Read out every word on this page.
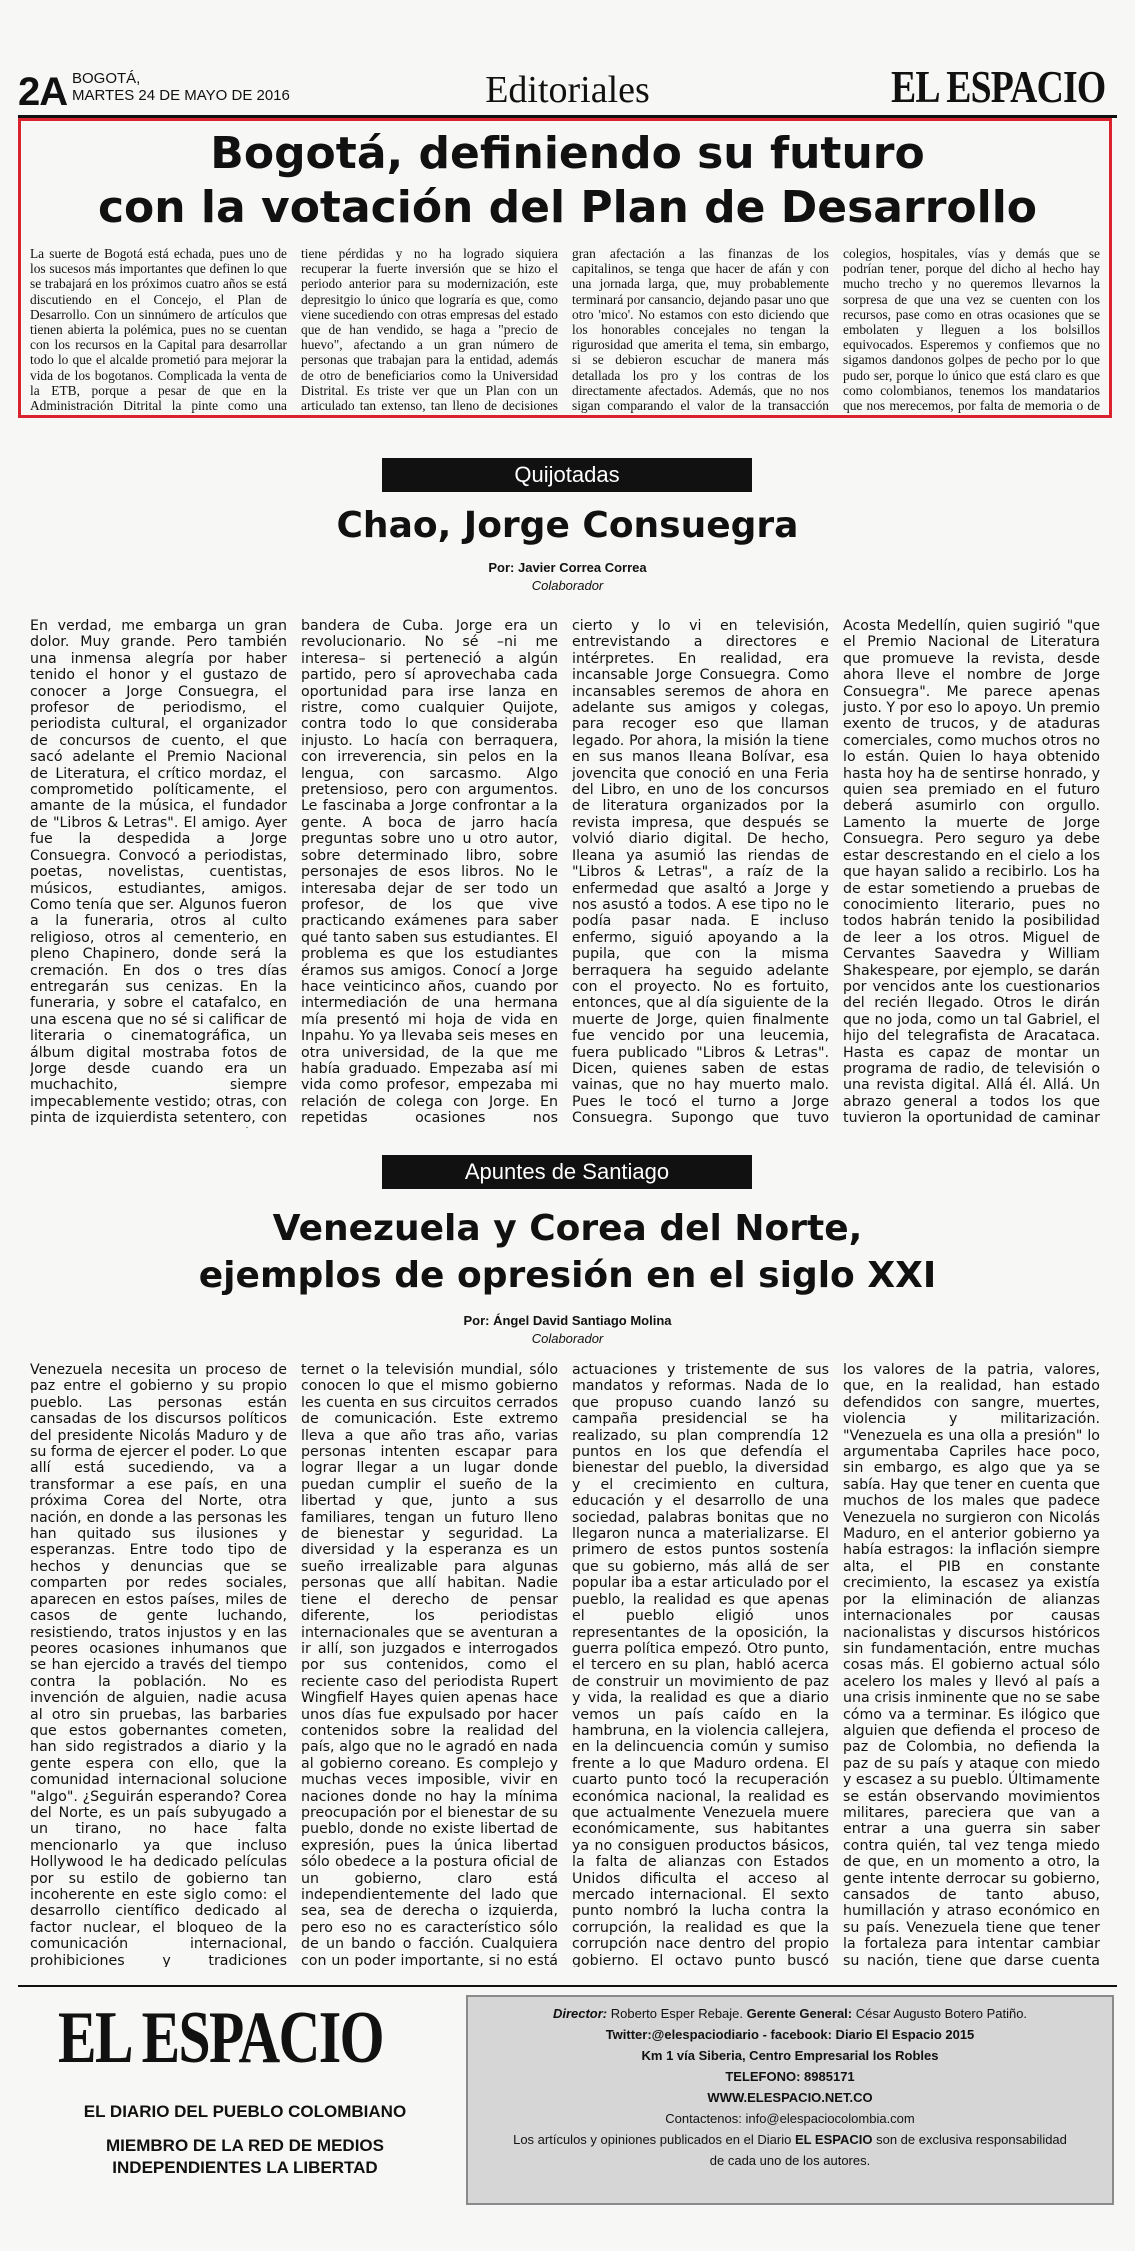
2A BOGOTÁ,
MARTES 24 DE MAYO DE 2016	Editoriales	EL ESPACIO
Bogotá, definiendo su futuro
con la votación del Plan de Desarrollo
La suerte de Bogotá está echada, pues uno de los sucesos más importantes que definen lo que se trabajará en los próximos cuatro años se está discutiendo en el Concejo, el Plan de Desarrollo. Con un sinnúmero de artículos que tienen abierta la polémica, pues no se cuentan con los recursos en la Capital para desarrollar todo lo que el alcalde prometió para mejorar la vida de los bogotanos. Complicada la venta de la ETB, porque a pesar de que en la Administración Ditrital la pinte como una
tiene pérdidas y no ha logrado siquiera recuperar la fuerte inversión que se hizo el periodo anterior para su modernización, este depresitgio lo único que lograría es que, como viene sucediendo con otras empresas del estado que de han vendido, se haga a "precio de huevo", afectando a un gran número de personas que trabajan para la entidad, además de otro de beneficiarios como la Universidad Distrital. Es triste ver que un Plan con un articulado tan extenso, tan lleno de decisiones
gran afectación a las finanzas de los capitalinos, se tenga que hacer de afán y con una jornada larga, que, muy probablemente terminará por cansancio, dejando pasar uno que otro 'mico'. No estamos con esto diciendo que los honorables concejales no tengan la rigurosidad que amerita el tema, sin embargo, si se debieron escuchar de manera más detallada los pro y los contras de los directamente afectados. Además, que no nos sigan comparando el valor de la transacción
colegios, hospitales, vías y demás que se podrían tener, porque del dicho al hecho hay mucho trecho y no queremos llevarnos la sorpresa de que una vez se cuenten con los recursos, pase como en otras ocasiones que se embolaten y lleguen a los bolsillos equivocados. Esperemos y confiemos que no sigamos dandonos golpes de pecho por lo que pudo ser, porque lo único que está claro es que como colombianos, tenemos los mandatarios que nos merecemos, por falta de memoria o de
Quijotadas
Chao, Jorge Consuegra
Por: Javier Correa Correa
Colaborador
En verdad, me embarga un gran dolor. Muy grande. Pero también una inmensa alegría por haber tenido el honor y el gustazo de conocer a Jorge Consuegra, el profesor de periodismo, el periodista cultural, el organizador de concursos de cuento, el que sacó adelante el Premio Nacional de Literatura, el crítico mordaz, el comprometido políticamente, el amante de la música, el fundador de "Libros & Letras". El amigo. Ayer fue la despedida a Jorge Consuegra. Convocó a periodistas, poetas, novelistas, cuentistas, músicos, estudiantes, amigos. Como tenía que ser. Algunos fueron a la funeraria, otros al culto religioso, otros al cementerio, en pleno Chapinero, donde será la cremación. En dos o tres días entregarán sus cenizas. En la funeraria, y sobre el catafalco, en una escena que no sé si calificar de literaria o cinematográfica, un álbum digital mostraba fotos de Jorge desde cuando era un muchachito, siempre impecablemente vestido; otras, con pinta de izquierdista setentero, con
bandera de Cuba. Jorge era un revolucionario. No sé –ni me interesa– si perteneció a algún partido, pero sí aprovechaba cada oportunidad para irse lanza en ristre, como cualquier Quijote, contra todo lo que consideraba injusto. Lo hacía con berraquera, con irreverencia, sin pelos en la lengua, con sarcasmo. Algo pretensioso, pero con argumentos. Le fascinaba a Jorge confrontar a la gente. A boca de jarro hacía preguntas sobre uno u otro autor, sobre determinado libro, sobre personajes de esos libros. No le interesaba dejar de ser todo un profesor, de los que vive practicando exámenes para saber qué tanto saben sus estudiantes. El problema es que los estudiantes éramos sus amigos. Conocí a Jorge hace veinticinco años, cuando por intermediación de una hermana mía presentó mi hoja de vida en Inpahu. Yo ya llevaba seis meses en otra universidad, de la que me había graduado. Empezaba así mi vida como profesor, empezaba mi relación de colega con Jorge. En repetidas ocasiones nos
cierto y lo vi en televisión, entrevistando a directores e intérpretes. En realidad, era incansable Jorge Consuegra. Como incansables seremos de ahora en adelante sus amigos y colegas, para recoger eso que llaman legado. Por ahora, la misión la tiene en sus manos Ileana Bolívar, esa jovencita que conoció en una Feria del Libro, en uno de los concursos de literatura organizados por la revista impresa, que después se volvió diario digital. De hecho, Ileana ya asumió las riendas de "Libros & Letras", a raíz de la enfermedad que asaltó a Jorge y nos asustó a todos. A ese tipo no le podía pasar nada. E incluso enfermo, siguió apoyando a la pupila, que con la misma berraquera ha seguido adelante con el proyecto. No es fortuito, entonces, que al día siguiente de la muerte de Jorge, quien finalmente fue vencido por una leucemia, fuera publicado "Libros & Letras". Dicen, quienes saben de estas vainas, que no hay muerto malo. Pues le tocó el turno a Jorge Consuegra. Supongo que tuvo
Acosta Medellín, quien sugirió "que el Premio Nacional de Literatura que promueve la revista, desde ahora lleve el nombre de Jorge Consuegra". Me parece apenas justo. Y por eso lo apoyo. Un premio exento de trucos, y de ataduras comerciales, como muchos otros no lo están. Quien lo haya obtenido hasta hoy ha de sentirse honrado, y quien sea premiado en el futuro deberá asumirlo con orgullo. Lamento la muerte de Jorge Consuegra. Pero seguro ya debe estar descrestando en el cielo a los que hayan salido a recibirlo. Los ha de estar sometiendo a pruebas de conocimiento literario, pues no todos habrán tenido la posibilidad de leer a los otros. Miguel de Cervantes Saavedra y William Shakespeare, por ejemplo, se darán por vencidos ante los cuestionarios del recién llegado. Otros le dirán que no joda, como un tal Gabriel, el hijo del telegrafista de Aracataca. Hasta es capaz de montar un programa de radio, de televisión o una revista digital. Allá él. Allá. Un abrazo general a todos los que tuvieron la oportunidad de caminar
Apuntes de Santiago
Venezuela y Corea del Norte,
ejemplos de opresión en el siglo XXI
Por: Ángel David Santiago Molina
Colaborador
Venezuela necesita un proceso de paz entre el gobierno y su propio pueblo. Las personas están cansadas de los discursos políticos del presidente Nicolás Maduro y de su forma de ejercer el poder. Lo que allí está sucediendo, va a transformar a ese país, en una próxima Corea del Norte, otra nación, en donde a las personas les han quitado sus ilusiones y esperanzas. Entre todo tipo de hechos y denuncias que se comparten por redes sociales, aparecen en estos países, miles de casos de gente luchando, resistiendo, tratos injustos y en las peores ocasiones inhumanos que se han ejercido a través del tiempo contra la población. No es invención de alguien, nadie acusa al otro sin pruebas, las barbaries que estos gobernantes cometen, han sido registrados a diario y la gente espera con ello, que la comunidad internacional solucione "algo". ¿Seguirán esperando? Corea del Norte, es un país subyugado a un tirano, no hace falta mencionarlo ya que incluso Hollywood le ha dedicado películas por su estilo de gobierno tan incoherente en este siglo como: el desarrollo científico dedicado al factor nuclear, el bloqueo de la comunicación internacional, prohibiciones y tradiciones
ternet o la televisión mundial, sólo conocen lo que el mismo gobierno les cuenta en sus circuitos cerrados de comunicación. Este extremo lleva a que año tras año, varias personas intenten escapar para lograr llegar a un lugar donde puedan cumplir el sueño de la libertad y que, junto a sus familiares, tengan un futuro lleno de bienestar y seguridad. La diversidad y la esperanza es un sueño irrealizable para algunas personas que allí habitan. Nadie tiene el derecho de pensar diferente, los periodistas internacionales que se aventuran a ir allí, son juzgados e interrogados por sus contenidos, como el reciente caso del periodista Rupert Wingfielf Hayes quien apenas hace unos días fue expulsado por hacer contenidos sobre la realidad del país, algo que no le agradó en nada al gobierno coreano. Es complejo y muchas veces imposible, vivir en naciones donde no hay la mínima preocupación por el bienestar de su pueblo, donde no existe libertad de expresión, pues la única libertad sólo obedece a la postura oficial de un gobierno, claro está independientemente del lado que sea, sea de derecha o izquierda, pero eso no es característico sólo de un bando o facción. Cualquiera con un poder importante, si no está
actuaciones y tristemente de sus mandatos y reformas. Nada de lo que propuso cuando lanzó su campaña presidencial se ha realizado, su plan comprendía 12 puntos en los que defendía el bienestar del pueblo, la diversidad y el crecimiento en cultura, educación y el desarrollo de una sociedad, palabras bonitas que no llegaron nunca a materializarse. El primero de estos puntos sostenía que su gobierno, más allá de ser popular iba a estar articulado por el pueblo, la realidad es que apenas el pueblo eligió unos representantes de la oposición, la guerra política empezó. Otro punto, el tercero en su plan, habló acerca de construir un movimiento de paz y vida, la realidad es que a diario vemos un país caído en la hambruna, en la violencia callejera, en la delincuencia común y sumiso frente a lo que Maduro ordena. El cuarto punto tocó la recuperación económica nacional, la realidad es que actualmente Venezuela muere económicamente, sus habitantes ya no consiguen productos básicos, la falta de alianzas con Estados Unidos dificulta el acceso al mercado internacional. El sexto punto nombró la lucha contra la corrupción, la realidad es que la corrupción nace dentro del propio gobierno. El octavo punto buscó
los valores de la patria, valores, que, en la realidad, han estado defendidos con sangre, muertes, violencia y militarización. "Venezuela es una olla a presión" lo argumentaba Capriles hace poco, sin embargo, es algo que ya se sabía. Hay que tener en cuenta que muchos de los males que padece Venezuela no surgieron con Nicolás Maduro, en el anterior gobierno ya había estragos: la inflación siempre alta, el PIB en constante crecimiento, la escasez ya existía por la eliminación de alianzas internacionales por causas nacionalistas y discursos históricos sin fundamentación, entre muchas cosas más. El gobierno actual sólo acelero los males y llevó al país a una crisis inminente que no se sabe cómo va a terminar. Es ilógico que alguien que defienda el proceso de paz de Colombia, no defienda la paz de su país y ataque con miedo y escasez a su pueblo. Últimamente se están observando movimientos militares, pareciera que van a entrar a una guerra sin saber contra quién, tal vez tenga miedo de que, en un momento a otro, la gente intente derrocar su gobierno, cansados de tanto abuso, humillación y atraso económico en su país. Venezuela tiene que tener la fortaleza para intentar cambiar su nación, tiene que darse cuenta
EL ESPACIO
EL DIARIO DEL PUEBLO COLOMBIANO
MIEMBRO DE LA RED DE MEDIOS
INDEPENDIENTES LA LIBERTAD
Director: Roberto Esper Rebaje. Gerente General: César Augusto Botero Patiño.
Twitter:@elespaciodiario - facebook: Diario El Espacio 2015
Km 1 vía Siberia, Centro Empresarial los Robles
TELEFONO: 8985171
WWW.ELESPACIO.NET.CO
Contactenos: info@elespaciocolombia.com
Los artículos y opiniones publicados en el Diario EL ESPACIO son de exclusiva responsabilidad
de cada uno de los autores.
